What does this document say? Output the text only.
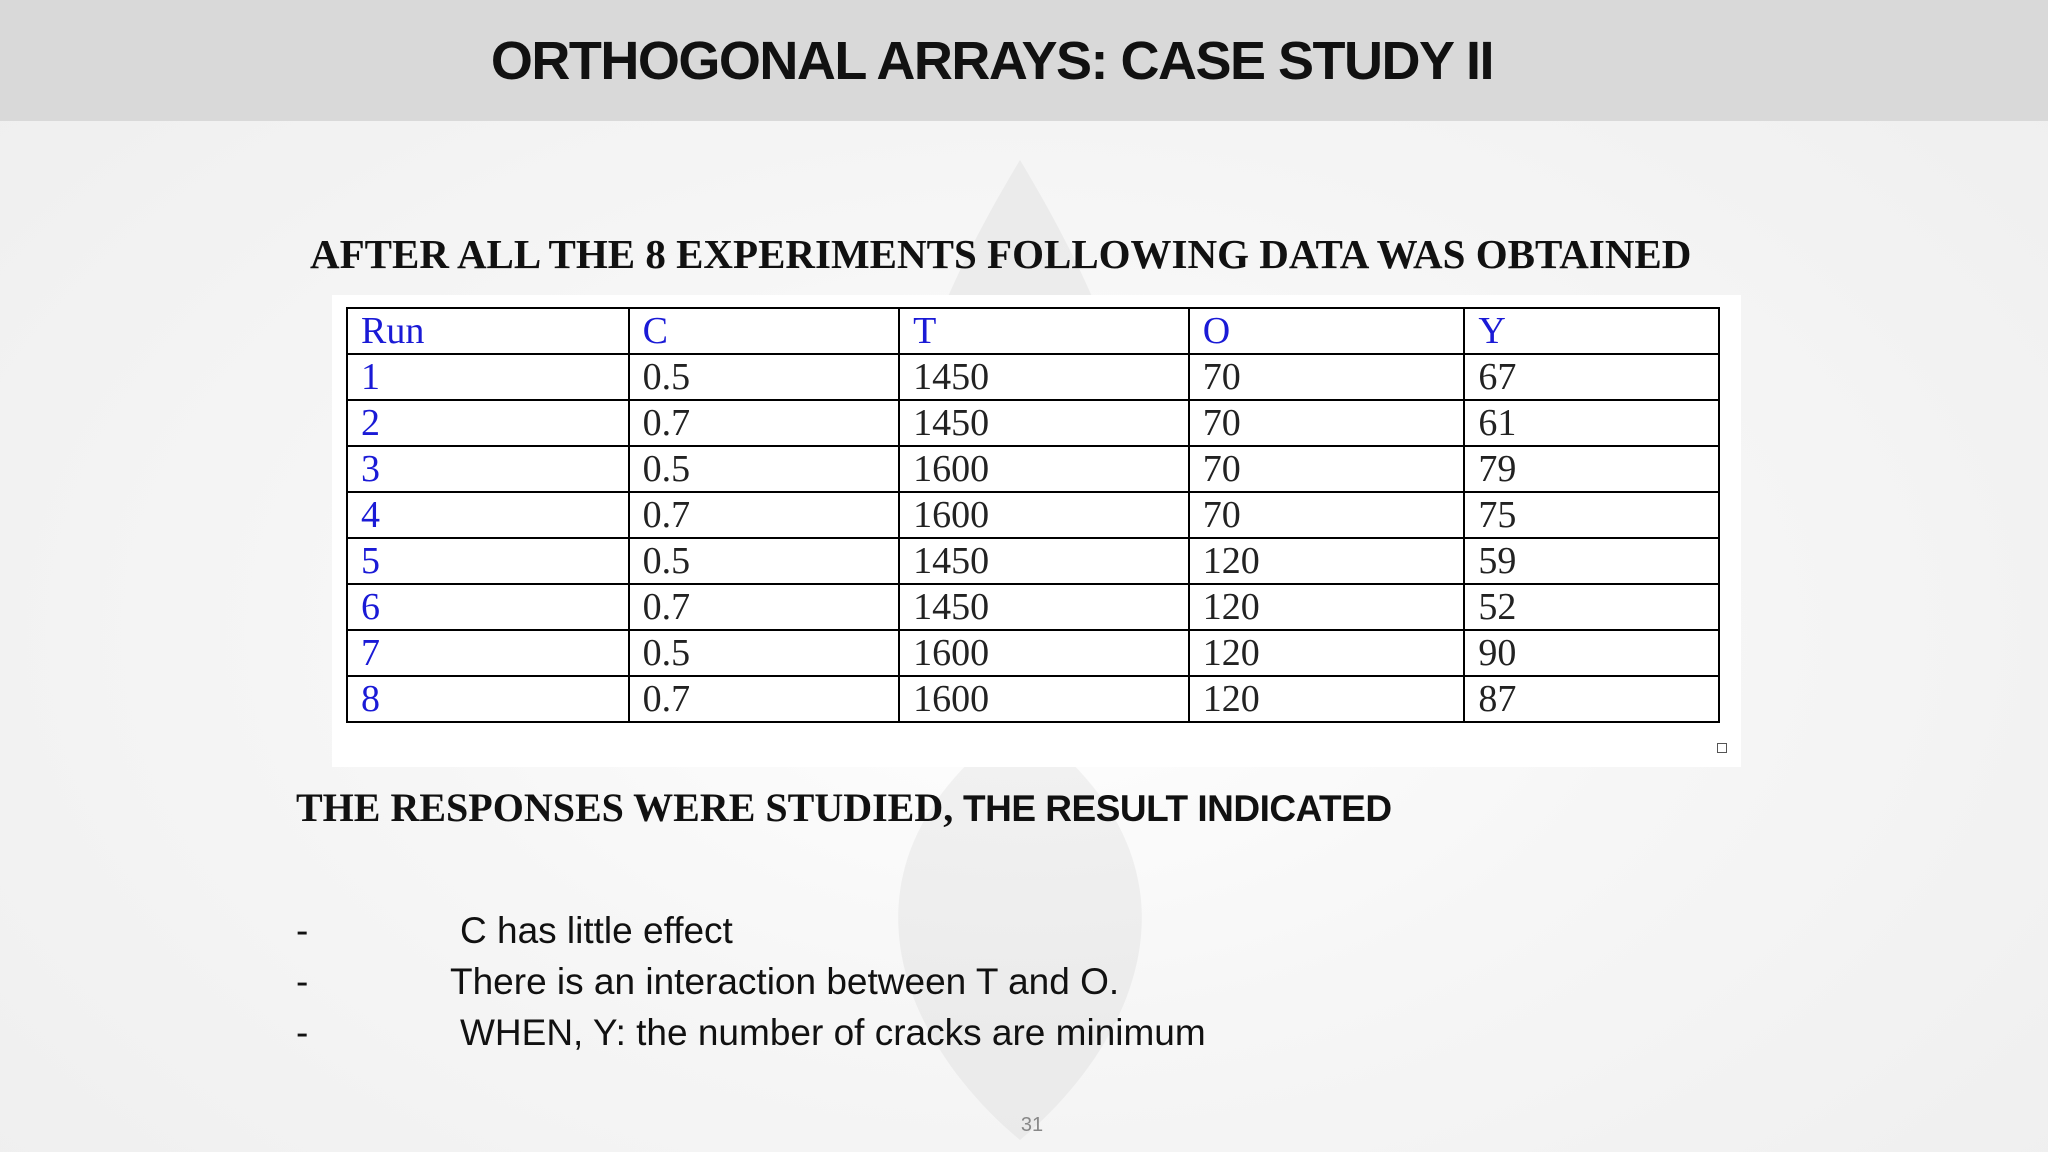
ORTHOGONAL ARRAYS: CASE STUDY II
AFTER ALL THE 8 EXPERIMENTS FOLLOWING DATA WAS OBTAINED
Run	C	T	O	Y
1	0.5	1450	70	67
2	0.7	1450	70	61
3	0.5	1600	70	79
4	0.7	1600	70	75
5	0.5	1450	120	59
6	0.7	1450	120	52
7	0.5	1600	120	90
8	0.7	1600	120	87
THE RESPONSES WERE STUDIED, THE RESULT INDICATED
-	C has little effect
-	There is an interaction between T and O.
-	WHEN, Y: the number of cracks are minimum
31
